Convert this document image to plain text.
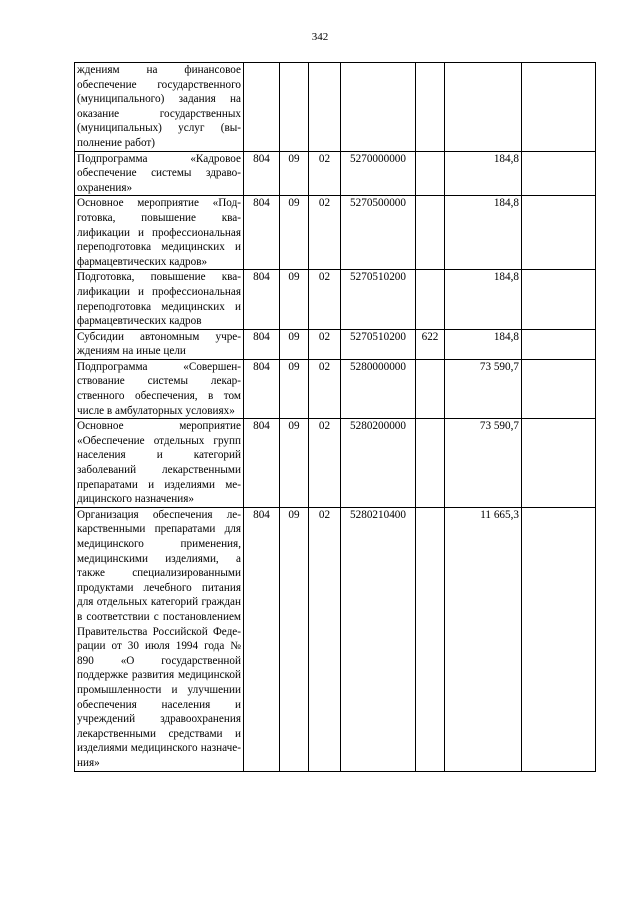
342
ждениям на финансовое обеспечение государственного (муниципального) задания на оказание государственных (муниципальных) услуг (выполнение работ)							
Подпрограмма «Кадровое обеспечение системы здравоохранения»	804	09	02	5270000000		184,8	
Основное мероприятие «Подготовка, повышение квалификации и профессиональная переподготовка медицинских и фармацевтических кадров»	804	09	02	5270500000		184,8	
Подготовка, повышение квалификации и профессиональная переподготовка медицинских и фармацевтических кадров	804	09	02	5270510200		184,8	
Субсидии автономным учреждениям на иные цели	804	09	02	5270510200	622	184,8	
Подпрограмма «Совершенствование системы лекарственного обеспечения, в том числе в амбулаторных условиях»	804	09	02	5280000000		73 590,7	
Основное мероприятие «Обеспечение отдельных групп населения и категорий заболеваний лекарственными препаратами и изделиями медицинского назначения»	804	09	02	5280200000		73 590,7	
Организация обеспечения лекарственными препаратами для медицинского применения, медицинскими изделиями, а также специализированными продуктами лечебного питания для отдельных категорий граждан в соответствии с постановлением Правительства Российской Федерации от 30 июля 1994 года № 890 «О государственной поддержке развития медицинской промышленности и улучшении обеспечения населения и учреждений здравоохранения лекарственными средствами и изделиями медицинского назначения»	804	09	02	5280210400		11 665,3	
